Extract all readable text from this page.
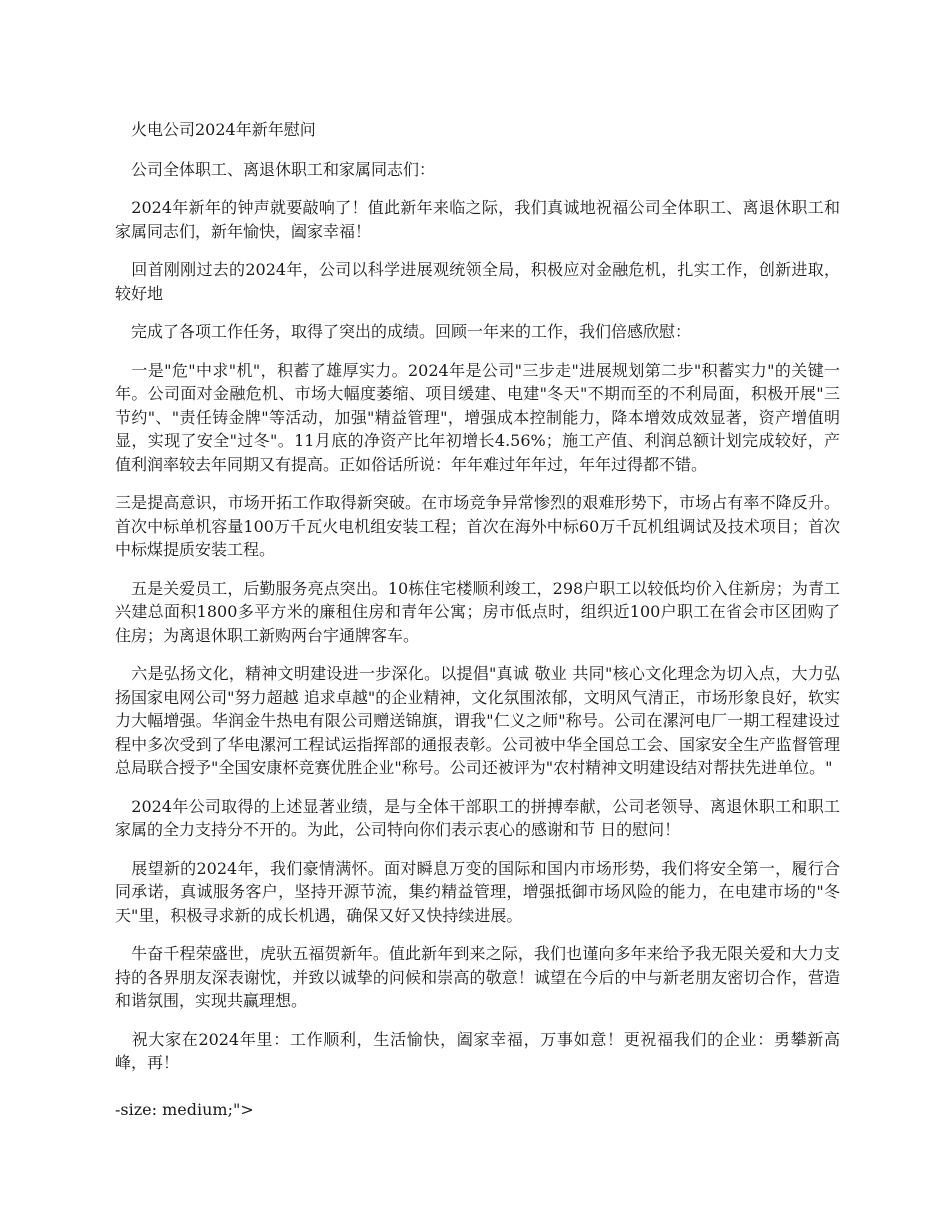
　火电公司2024年新年慰问

　公司全体职工、离退休职工和家属同志们：

　2024年新年的钟声就要敲响了！值此新年来临之际，我们真诚地祝福公司全体职工、离退休职工和家属同志们，新年愉快，阖家幸福！

　回首刚刚过去的2024年，公司以科学进展观统领全局，积极应对金融危机，扎实工作，创新进取，较好地

　完成了各项工作任务，取得了突出的成绩。回顾一年来的工作，我们倍感欣慰：

　一是"危"中求"机"，积蓄了雄厚实力。2024年是公司"三步走"进展规划第二步"积蓄实力"的关键一年。公司面对金融危机、市场大幅度萎缩、项目缓建、电建"冬天"不期而至的不利局面，积极开展"三节约"、"责任铸金牌"等活动，加强"精益管理"，增强成本控制能力，降本增效成效显著，资产增值明显，实现了安全"过冬"。11月底的净资产比年初增长4.56%；施工产值、利润总额计划完成较好，产值利润率较去年同期又有提高。正如俗话所说：年年难过年年过，年年过得都不错。

三是提高意识，市场开拓工作取得新突破。在市场竞争异常惨烈的艰难形势下，市场占有率不降反升。首次中标单机容量100万千瓦火电机组安装工程；首次在海外中标60万千瓦机组调试及技术项目；首次中标煤提质安装工程。

　五是关爱员工，后勤服务亮点突出。10栋住宅楼顺利竣工，298户职工以较低均价入住新房；为青工兴建总面积1800多平方米的廉租住房和青年公寓；房市低点时，组织近100户职工在省会市区团购了住房；为离退休职工新购两台宇通牌客车。

　六是弘扬文化，精神文明建设进一步深化。以提倡"真诚 敬业 共同"核心文化理念为切入点，大力弘扬国家电网公司"努力超越 追求卓越"的企业精神，文化氛围浓郁，文明风气清正，市场形象良好，软实力大幅增强。华润金牛热电有限公司赠送锦旗，谓我"仁义之师"称号。公司在漯河电厂一期工程建设过程中多次受到了华电漯河工程试运指挥部的通报表彰。公司被中华全国总工会、国家安全生产监督管理总局联合授予"全国安康杯竞赛优胜企业"称号。公司还被评为"农村精神文明建设结对帮扶先进单位。"

　2024年公司取得的上述显著业绩，是与全体干部职工的拼搏奉献，公司老领导、离退休职工和职工家属的全力支持分不开的。为此，公司特向你们表示衷心的感谢和节 日的慰问！

　展望新的2024年，我们豪情满怀。面对瞬息万变的国际和国内市场形势，我们将安全第一，履行合同承诺，真诚服务客户，坚持开源节流，集约精益管理，增强抵御市场风险的能力，在电建市场的"冬天"里，积极寻求新的成长机遇，确保又好又快持续进展。

　牛奋千程荣盛世，虎驮五福贺新年。值此新年到来之际，我们也谨向多年来给予我无限关爱和大力支持的各界朋友深表谢忱，并致以诚挚的问候和崇高的敬意！诚望在今后的中与新老朋友密切合作，营造和谐氛围，实现共赢理想。

　祝大家在2024年里：工作顺利，生活愉快，阖家幸福，万事如意！更祝福我们的企业：勇攀新高峰，再！

-size: medium;">
